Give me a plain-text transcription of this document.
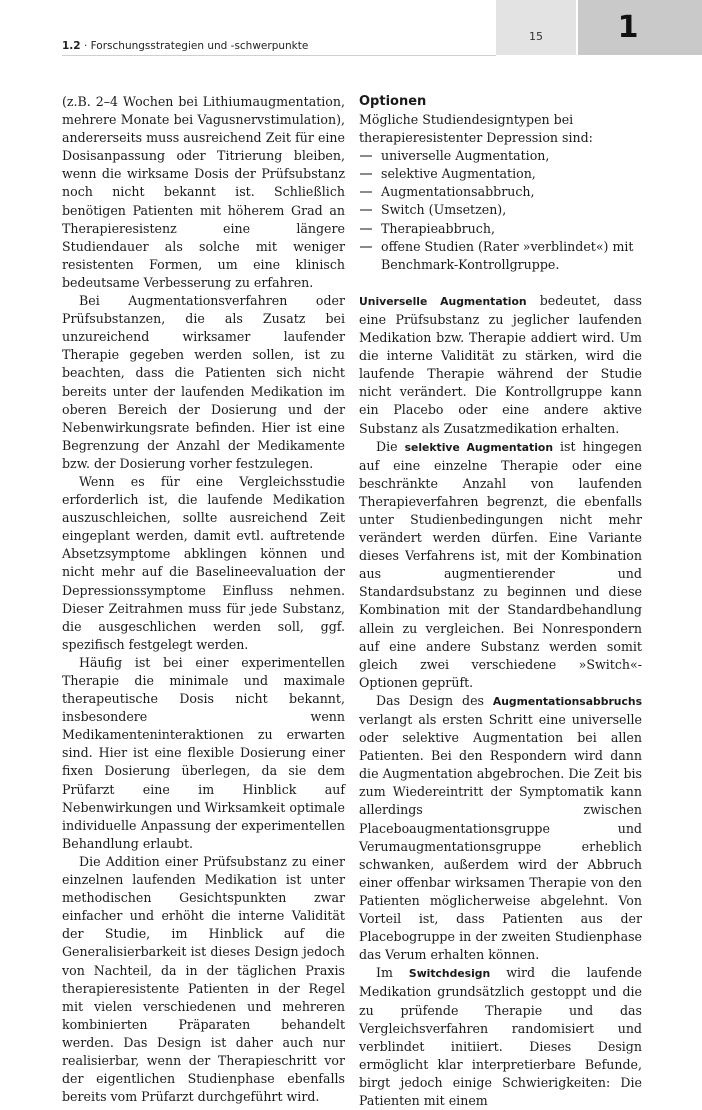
1.2 · Forschungsstrategien und -schwerpunkte
15	1

(z.B. 2–4 Wochen bei Lithiumaugmentation, mehrere Monate bei Vagusnervstimulation), andererseits muss ausreichend Zeit für eine Dosisanpassung oder Titrierung bleiben, wenn die wirksame Dosis der Prüfsubstanz noch nicht bekannt ist. Schließlich benötigen Patienten mit höherem Grad an Therapieresistenz eine längere Studiendauer als solche mit weniger resistenten Formen, um eine klinisch bedeutsame Verbesserung zu erfahren.

Bei Augmentationsverfahren oder Prüfsubstanzen, die als Zusatz bei unzureichend wirksamer laufender Therapie gegeben werden sollen, ist zu beachten, dass die Patienten sich nicht bereits unter der laufenden Medikation im oberen Bereich der Dosierung und der Nebenwirkungsrate befinden. Hier ist eine Begrenzung der Anzahl der Medikamente bzw. der Dosierung vorher festzulegen.

Wenn es für eine Vergleichsstudie erforderlich ist, die laufende Medikation auszuschleichen, sollte ausreichend Zeit eingeplant werden, damit evtl. auftretende Absetzsymptome abklingen können und nicht mehr auf die Baselineevaluation der Depressionssymptome Einfluss nehmen. Dieser Zeitrahmen muss für jede Substanz, die ausgeschlichen werden soll, ggf. spezifisch festgelegt werden.

Häufig ist bei einer experimentellen Therapie die minimale und maximale therapeutische Dosis nicht bekannt, insbesondere wenn Medikamenteninteraktionen zu erwarten sind. Hier ist eine flexible Dosierung einer fixen Dosierung überlegen, da sie dem Prüfarzt eine im Hinblick auf Nebenwirkungen und Wirksamkeit optimale individuelle Anpassung der experimentellen Behandlung erlaubt.

Die Addition einer Prüfsubstanz zu einer einzelnen laufenden Medikation ist unter methodischen Gesichtspunkten zwar einfacher und erhöht die interne Validität der Studie, im Hinblick auf die Generalisierbarkeit ist dieses Design jedoch von Nachteil, da in der täglichen Praxis therapieresistente Patienten in der Regel mit vielen verschiedenen und mehreren kombinierten Präparaten behandelt werden. Das Design ist daher auch nur realisierbar, wenn der Therapieschritt vor der eigentlichen Studienphase ebenfalls bereits vom Prüfarzt durchgeführt wird.

Optionen

Mögliche Studiendesigntypen bei therapieresistenter Depression sind:

universelle Augmentation,
selektive Augmentation,
Augmentationsabbruch,
Switch (Umsetzen),
Therapieabbruch,
offene Studien (Rater »verblindet«) mit Benchmark-Kontrollgruppe.

Universelle Augmentation bedeutet, dass eine Prüfsubstanz zu jeglicher laufenden Medikation bzw. Therapie addiert wird. Um die interne Validität zu stärken, wird die laufende Therapie während der Studie nicht verändert. Die Kontrollgruppe kann ein Placebo oder eine andere aktive Substanz als Zusatzmedikation erhalten.

Die selektive Augmentation ist hingegen auf eine einzelne Therapie oder eine beschränkte Anzahl von laufenden Therapieverfahren begrenzt, die ebenfalls unter Studienbedingungen nicht mehr verändert werden dürfen. Eine Variante dieses Verfahrens ist, mit der Kombination aus augmentierender und Standardsubstanz zu beginnen und diese Kombination mit der Standardbehandlung allein zu vergleichen. Bei Nonrespondern auf eine andere Substanz werden somit gleich zwei verschiedene »Switch«-Optionen geprüft.

Das Design des Augmentationsabbruchs verlangt als ersten Schritt eine universelle oder selektive Augmentation bei allen Patienten. Bei den Respondern wird dann die Augmentation abgebrochen. Die Zeit bis zum Wiedereintritt der Symptomatik kann allerdings zwischen Placeboaugmentationsgruppe und Verumaugmentationsgruppe erheblich schwanken, außerdem wird der Abbruch einer offenbar wirksamen Therapie von den Patienten möglicherweise abgelehnt. Von Vorteil ist, dass Patienten aus der Placebogruppe in der zweiten Studienphase das Verum erhalten können.

Im Switchdesign wird die laufende Medikation grundsätzlich gestoppt und die zu prüfende Therapie und das Vergleichsverfahren randomisiert und verblindet initiiert. Dieses Design ermöglicht klar interpretierbare Befunde, birgt jedoch einige Schwierigkeiten: Die Patienten mit einem
